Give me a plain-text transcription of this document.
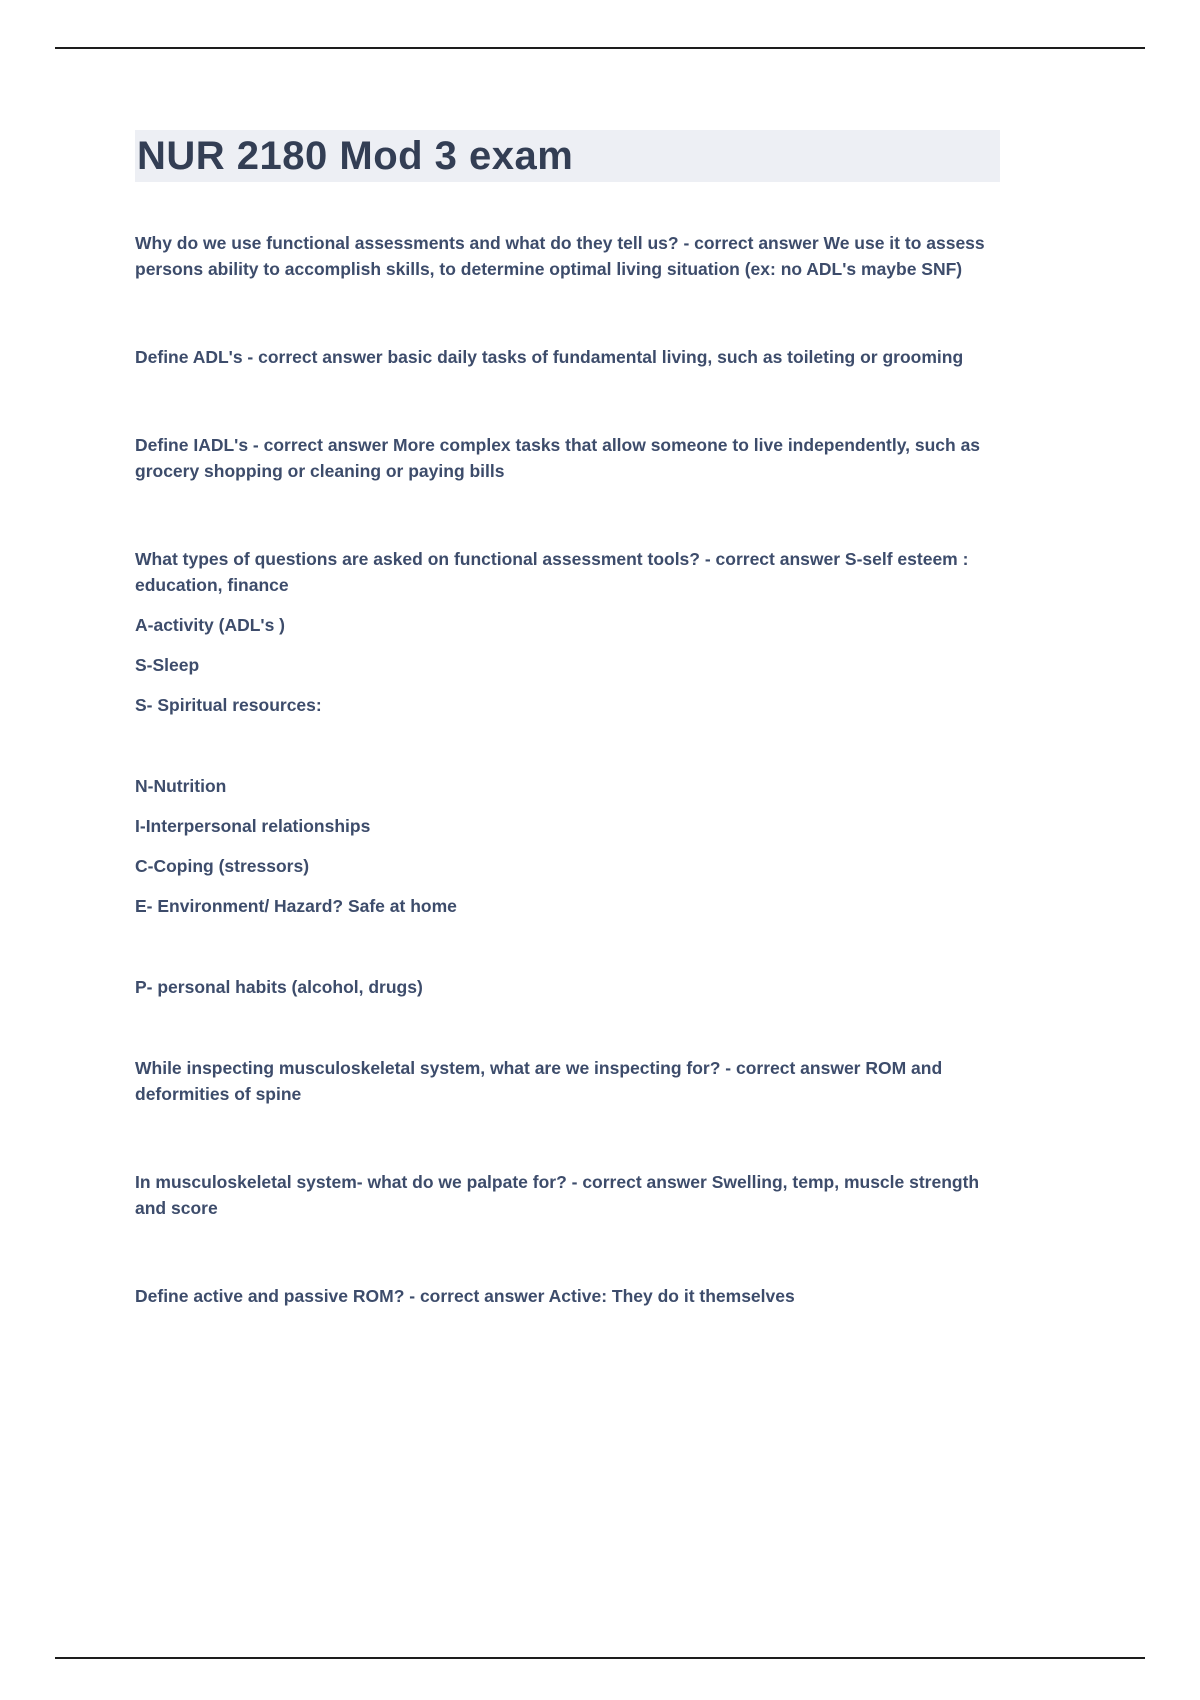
NUR 2180 Mod 3 exam

Why do we use functional assessments and what do they tell us? - correct answer We use it to assess persons ability to accomplish skills, to determine optimal living situation (ex: no ADL's maybe SNF)

Define ADL's - correct answer basic daily tasks of fundamental living, such as toileting or grooming

Define IADL's - correct answer More complex tasks that allow someone to live independently, such as grocery shopping or cleaning or paying bills

What types of questions are asked on functional assessment tools? - correct answer S-self esteem : education, finance

A-activity (ADL's )

S-Sleep

S- Spiritual resources:

N-Nutrition

I-Interpersonal relationships

C-Coping (stressors)

E- Environment/ Hazard? Safe at home

P- personal habits (alcohol, drugs)

While inspecting musculoskeletal system, what are we inspecting for? - correct answer ROM and deformities of spine

In musculoskeletal system- what do we palpate for? - correct answer Swelling, temp, muscle strength and score

Define active and passive ROM? - correct answer Active: They do it themselves
